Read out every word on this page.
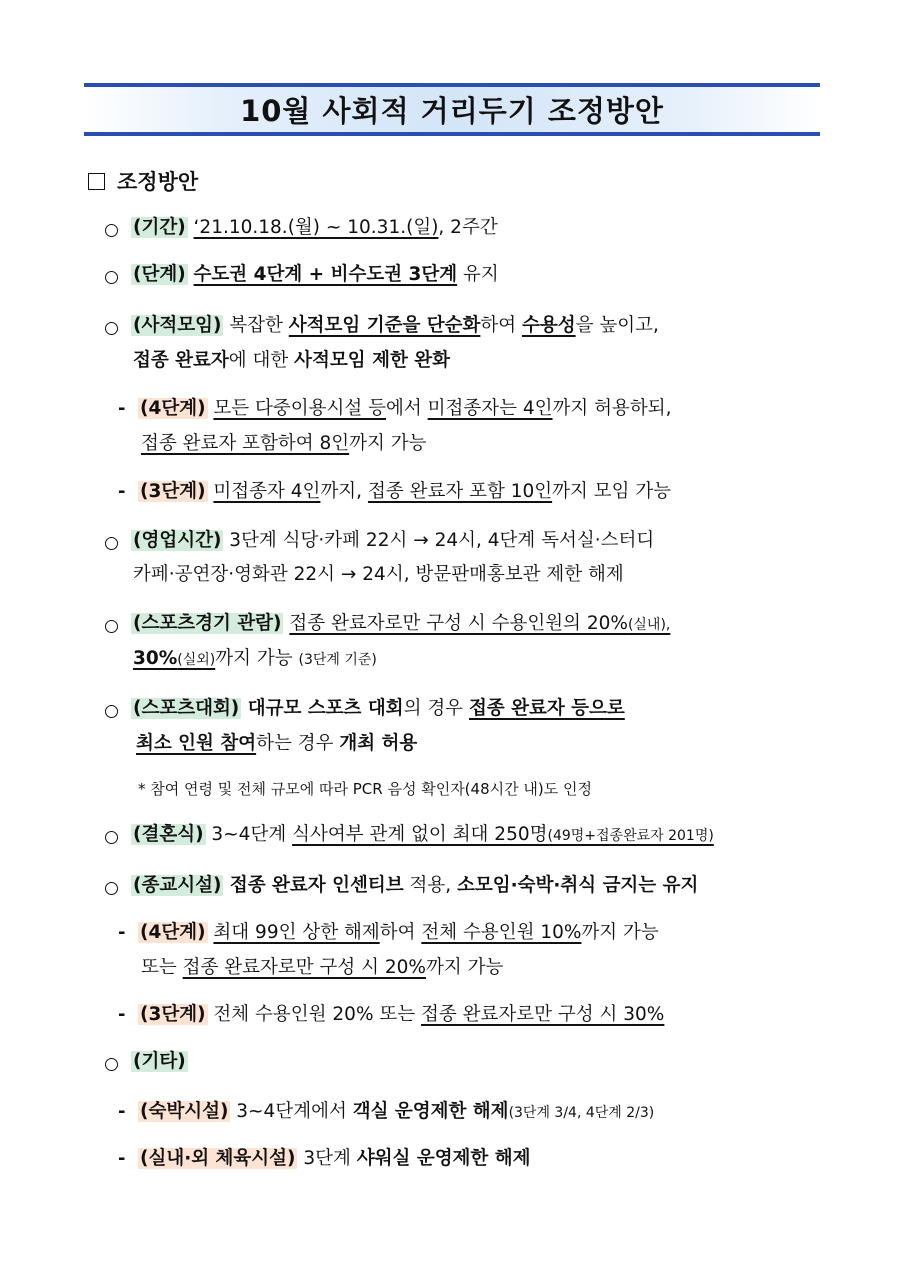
10월 사회적 거리두기 조정방안
조정방안
(기간) ‘21.10.18.(월) ~ 10.31.(일), 2주간
(단계) 수도권 4단계 + 비수도권 3단계 유지
(사적모임) 복잡한 사적모임 기준을 단순화하여 수용성을 높이고,
접종 완료자에 대한 사적모임 제한 완화
- (4단계) 모든 다중이용시설 등에서 미접종자는 4인까지 허용하되,
접종 완료자 포함하여 8인까지 가능
- (3단계) 미접종자 4인까지, 접종 완료자 포함 10인까지 모임 가능
(영업시간) 3단계 식당·카페 22시 → 24시, 4단계 독서실·스터디
카페·공연장·영화관 22시 → 24시, 방문판매홍보관 제한 해제
(스포츠경기 관람) 접종 완료자로만 구성 시 수용인원의 20%(실내),
30%(실외)까지 가능 (3단계 기준)
(스포츠대회) 대규모 스포츠 대회의 경우 접종 완료자 등으로
최소 인원 참여하는 경우 개최 허용
* 참여 연령 및 전체 규모에 따라 PCR 음성 확인자(48시간 내)도 인정
(결혼식) 3~4단계 식사여부 관계 없이 최대 250명(49명+접종완료자 201명)
(종교시설) 접종 완료자 인센티브 적용, 소모임·숙박·취식 금지는 유지
- (4단계) 최대 99인 상한 해제하여 전체 수용인원 10%까지 가능
또는 접종 완료자로만 구성 시 20%까지 가능
- (3단계) 전체 수용인원 20% 또는 접종 완료자로만 구성 시 30%
(기타)
- (숙박시설) 3~4단계에서 객실 운영제한 해제(3단계 3/4, 4단계 2/3)
- (실내·외 체육시설) 3단계 샤워실 운영제한 해제
